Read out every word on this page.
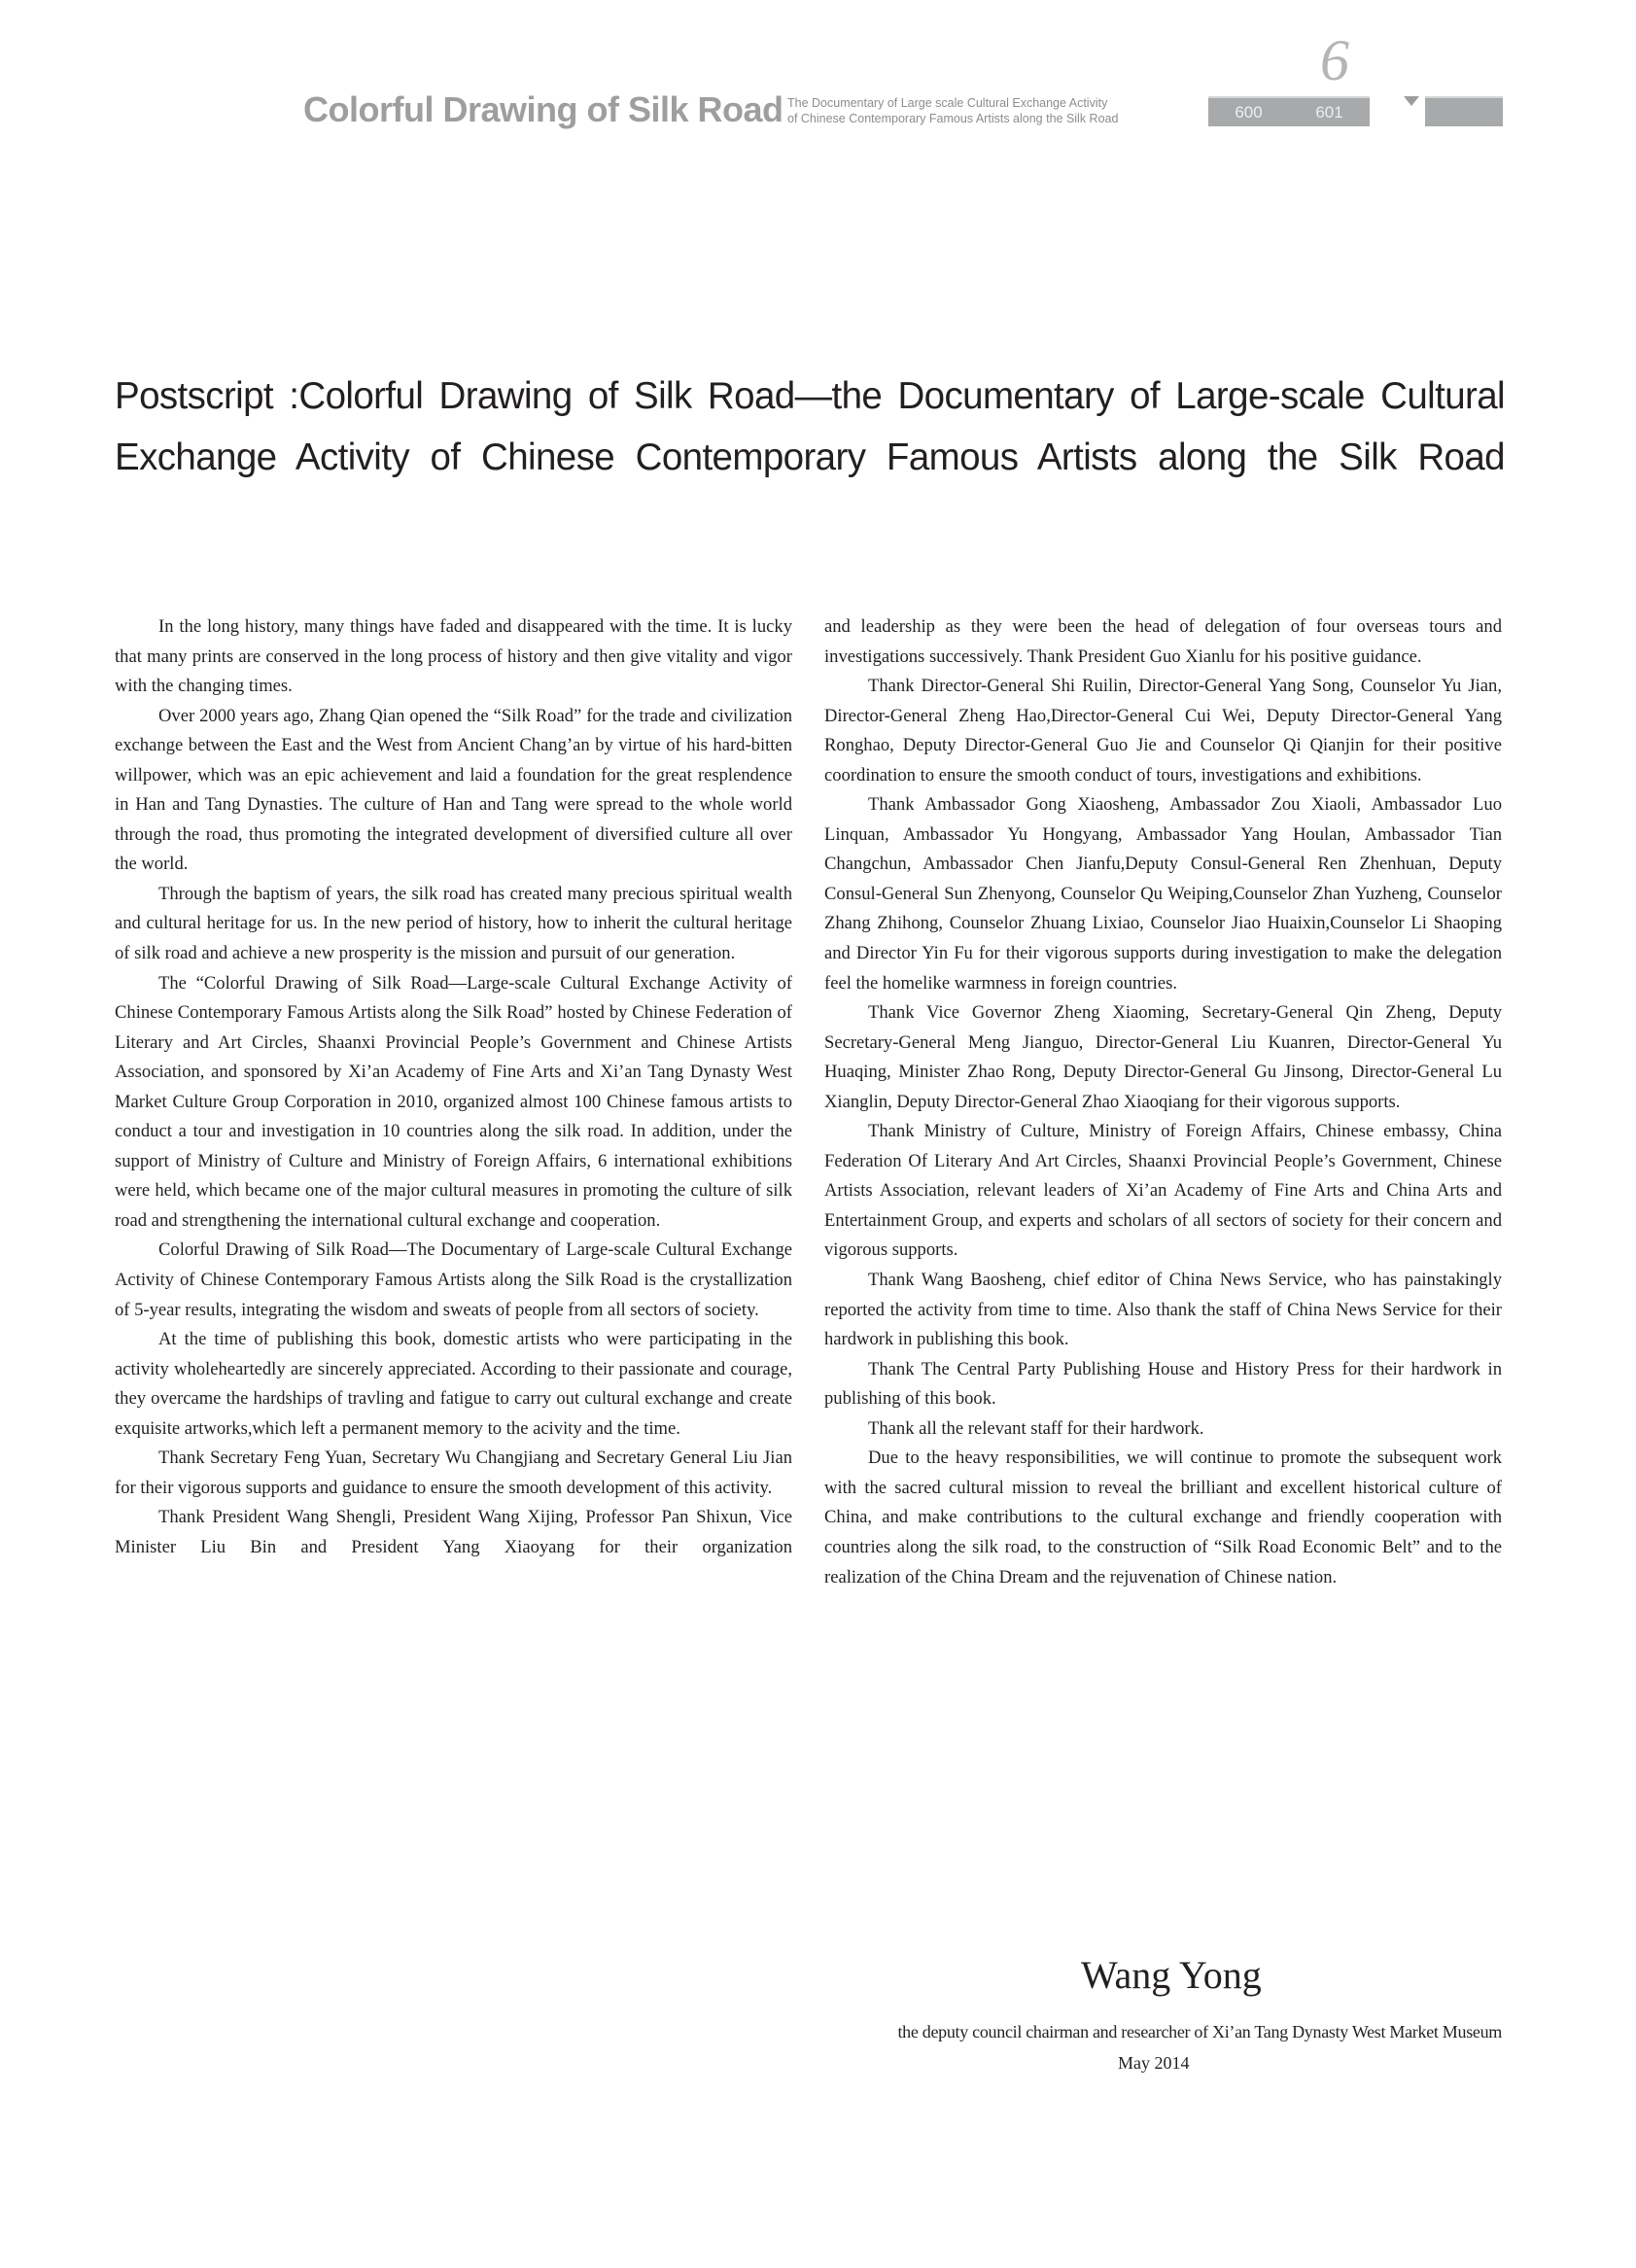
Colorful Drawing of Silk Road The Documentary of Large scale Cultural Exchange Activity
of Chinese Contemporary Famous Artists along the Silk Road
6
600	601
Postscript :Colorful Drawing of Silk Road—the Documentary of Large-scale Cultural
Exchange Activity of Chinese Contemporary Famous Artists along the Silk Road

In the long history, many things have faded and disappeared with the time. It is lucky that many prints are conserved in the long process of history and then give vitality and vigor with the changing times.

Over 2000 years ago, Zhang Qian opened the “Silk Road” for the trade and civilization exchange between the East and the West from Ancient Chang’an by virtue of his hard-bitten willpower, which was an epic achievement and laid a foundation for the great resplendence in Han and Tang Dynasties. The culture of Han and Tang were spread to the whole world through the road, thus promoting the integrated development of diversified culture all over the world.

Through the baptism of years, the silk road has created many precious spiritual wealth and cultural heritage for us. In the new period of history, how to inherit the cultural heritage of silk road and achieve a new prosperity is the mission and pursuit of our generation.

The “Colorful Drawing of Silk Road—Large-scale Cultural Exchange Activity of Chinese Contemporary Famous Artists along the Silk Road” hosted by Chinese Federation of Literary and Art Circles, Shaanxi Provincial People’s Government and Chinese Artists Association, and sponsored by Xi’an Academy of Fine Arts and Xi’an Tang Dynasty West Market Culture Group Corporation in 2010, organized almost 100 Chinese famous artists to conduct a tour and investigation in 10 countries along the silk road. In addition, under the support of Ministry of Culture and Ministry of Foreign Affairs, 6 international exhibitions were held, which became one of the major cultural measures in promoting the culture of silk road and strengthening the international cultural exchange and cooperation.

Colorful Drawing of Silk Road—The Documentary of Large-scale Cultural Exchange Activity of Chinese Contemporary Famous Artists along the Silk Road is the crystallization of 5-year results, integrating the wisdom and sweats of people from all sectors of society.

At the time of publishing this book, domestic artists who were participating in the activity wholeheartedly are sincerely appreciated. According to their passionate and courage, they overcame the hardships of travling and fatigue to carry out cultural exchange and create exquisite artworks,which left a permanent memory to the acivity and the time.

Thank Secretary Feng Yuan, Secretary Wu Changjiang and Secretary General Liu Jian for their vigorous supports and guidance to ensure the smooth development of this activity.

Thank President Wang Shengli, President Wang Xijing, Professor Pan Shixun, Vice Minister Liu Bin and President Yang Xiaoyang for their organization

and leadership as they were been the head of delegation of four overseas tours and investigations successively. Thank President Guo Xianlu for his positive guidance.

Thank Director-General Shi Ruilin, Director-General Yang Song, Counselor Yu Jian, Director-General Zheng Hao,Director-General Cui Wei, Deputy Director-General Yang Ronghao, Deputy Director-General Guo Jie and Counselor Qi Qianjin for their positive coordination to ensure the smooth conduct of tours, investigations and exhibitions.

Thank Ambassador Gong Xiaosheng, Ambassador Zou Xiaoli, Ambassador Luo Linquan, Ambassador Yu Hongyang, Ambassador Yang Houlan, Ambassador Tian Changchun, Ambassador Chen Jianfu,Deputy Consul-General Ren Zhenhuan, Deputy Consul-General Sun Zhenyong, Counselor Qu Weiping,Counselor Zhan Yuzheng, Counselor Zhang Zhihong, Counselor Zhuang Lixiao, Counselor Jiao Huaixin,Counselor Li Shaoping and Director Yin Fu for their vigorous supports during investigation to make the delegation feel the homelike warmness in foreign countries.

Thank Vice Governor Zheng Xiaoming, Secretary-General Qin Zheng, Deputy Secretary-General Meng Jianguo, Director-General Liu Kuanren, Director-General Yu Huaqing, Minister Zhao Rong, Deputy Director-General Gu Jinsong, Director-General Lu Xianglin, Deputy Director-General Zhao Xiaoqiang for their vigorous supports.

Thank Ministry of Culture, Ministry of Foreign Affairs, Chinese embassy, China Federation Of Literary And Art Circles, Shaanxi Provincial People’s Government, Chinese Artists Association, relevant leaders of Xi’an Academy of Fine Arts and China Arts and Entertainment Group, and experts and scholars of all sectors of society for their concern and vigorous supports.

Thank Wang Baosheng, chief editor of China News Service, who has painstakingly reported the activity from time to time. Also thank the staff of China News Service for their hardwork in publishing this book.

Thank The Central Party Publishing House and History Press for their hardwork in publishing of this book.

Thank all the relevant staff for their hardwork.

Due to the heavy responsibilities, we will continue to promote the subsequent work with the sacred cultural mission to reveal the brilliant and excellent historical culture of China, and make contributions to the cultural exchange and friendly cooperation with countries along the silk road, to the construction of “Silk Road Economic Belt” and to the realization of the China Dream and the rejuvenation of Chinese nation.

Wang Yong
the deputy council chairman and researcher of Xi’an Tang Dynasty West Market Museum
May 2014
